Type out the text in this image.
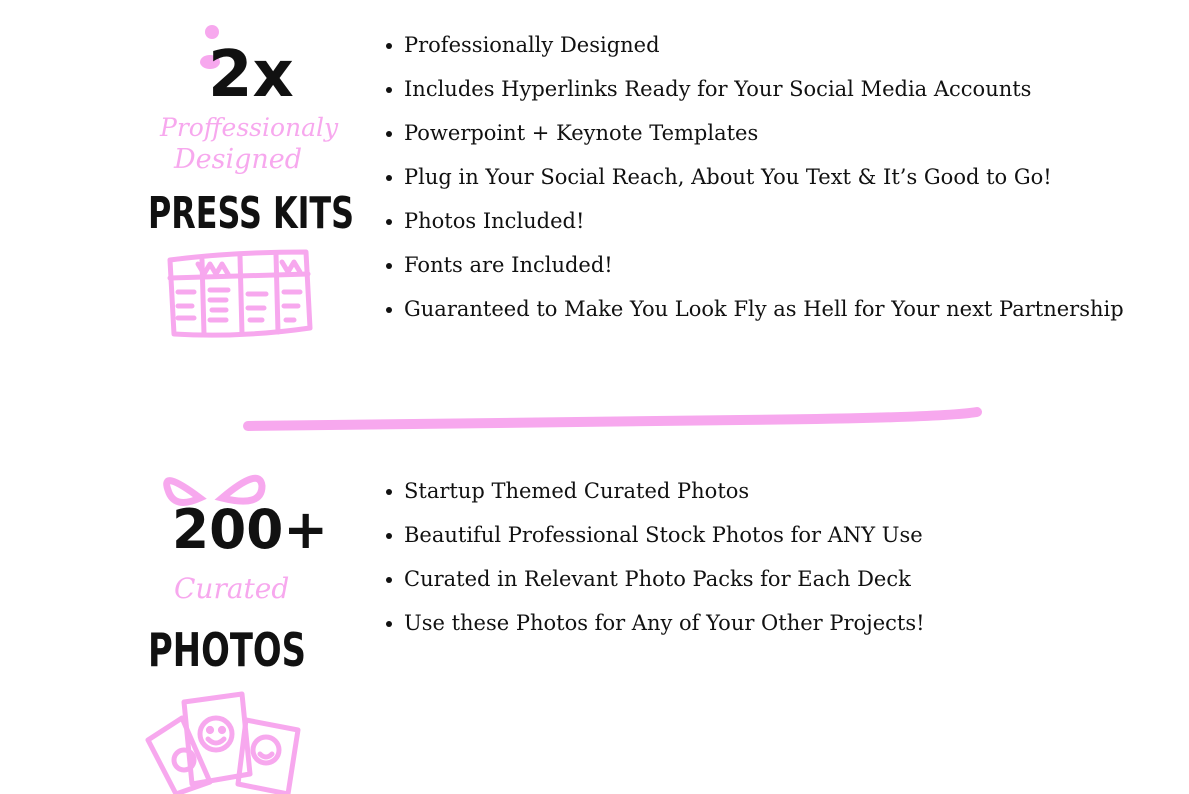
2x
Proffessionaly
Designed
PRESS KITS
Professionally Designed
Includes Hyperlinks Ready for Your Social Media Accounts
Powerpoint + Keynote Templates
Plug in Your Social Reach, About You Text & It’s Good to Go!
Photos Included!
Fonts are Included!
Guaranteed to Make You Look Fly as Hell for Your next Partnership
200+
Curated
PHOTOS
Startup Themed Curated Photos
Beautiful Professional Stock Photos for ANY Use
Curated in Relevant Photo Packs for Each Deck
Use these Photos for Any of Your Other Projects!
